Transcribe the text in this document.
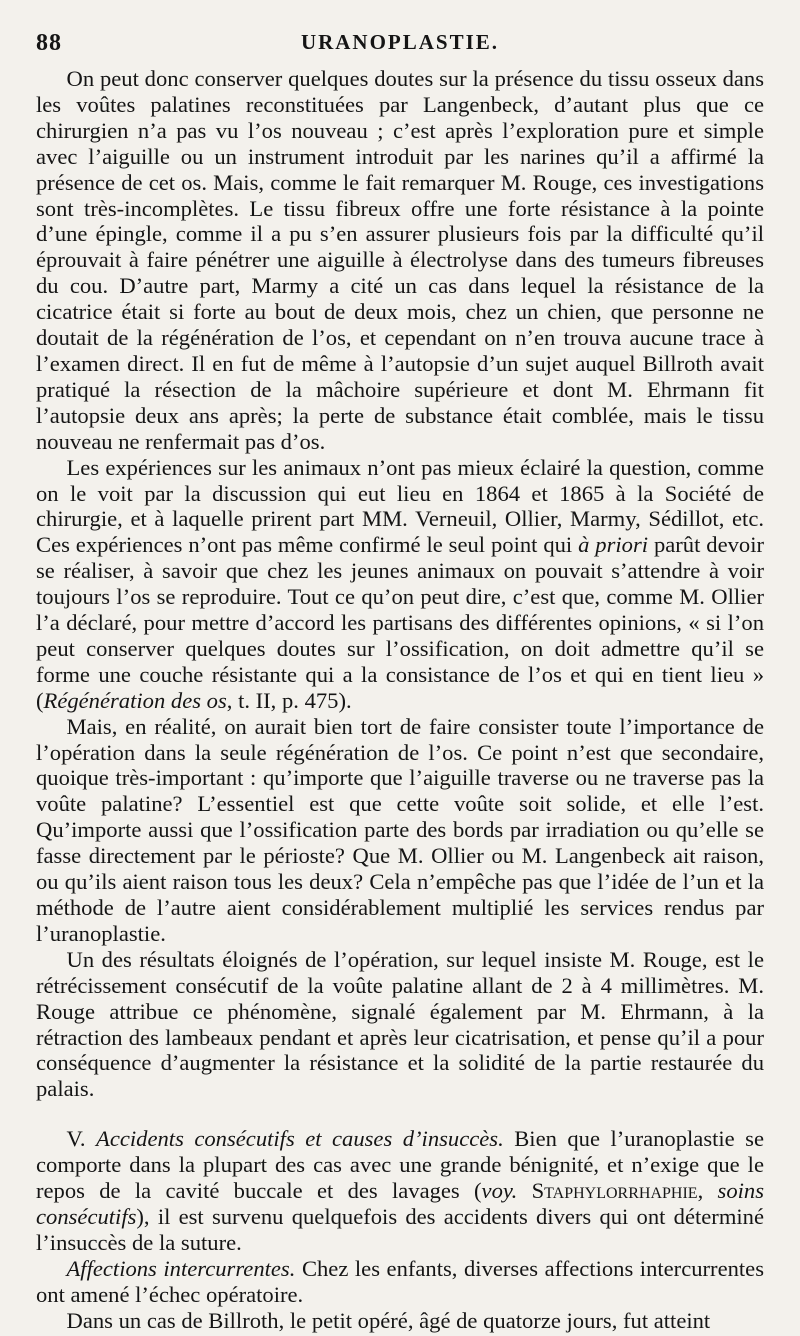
88	URANOPLASTIE.

On peut donc conserver quelques doutes sur la présence du tissu osseux dans les voûtes palatines reconstituées par Langenbeck, d’autant plus que ce chirurgien n’a pas vu l’os nouveau ; c’est après l’exploration pure et simple avec l’aiguille ou un instrument introduit par les narines qu’il a affirmé la présence de cet os. Mais, comme le fait remarquer M. Rouge, ces investigations sont très-incomplètes. Le tissu fibreux offre une forte résistance à la pointe d’une épingle, comme il a pu s’en assurer plusieurs fois par la difficulté qu’il éprouvait à faire pénétrer une aiguille à électrolyse dans des tumeurs fibreuses du cou. D’autre part, Marmy a cité un cas dans lequel la résistance de la cicatrice était si forte au bout de deux mois, chez un chien, que personne ne doutait de la régénération de l’os, et cependant on n’en trouva aucune trace à l’examen direct. Il en fut de même à l’autopsie d’un sujet auquel Billroth avait pratiqué la résection de la mâchoire supérieure et dont M. Ehrmann fit l’autopsie deux ans après; la perte de substance était comblée, mais le tissu nouveau ne renfermait pas d’os.

Les expériences sur les animaux n’ont pas mieux éclairé la question, comme on le voit par la discussion qui eut lieu en 1864 et 1865 à la Société de chirurgie, et à laquelle prirent part MM. Verneuil, Ollier, Marmy, Sédillot, etc. Ces expériences n’ont pas même confirmé le seul point qui à priori parût devoir se réaliser, à savoir que chez les jeunes animaux on pouvait s’attendre à voir toujours l’os se reproduire. Tout ce qu’on peut dire, c’est que, comme M. Ollier l’a déclaré, pour mettre d’accord les partisans des différentes opinions, « si l’on peut conserver quelques doutes sur l’ossification, on doit admettre qu’il se forme une couche résistante qui a la consistance de l’os et qui en tient lieu » (Régénération des os, t. II, p. 475).

Mais, en réalité, on aurait bien tort de faire consister toute l’importance de l’opération dans la seule régénération de l’os. Ce point n’est que secondaire, quoique très-important : qu’importe que l’aiguille traverse ou ne traverse pas la voûte palatine? L’essentiel est que cette voûte soit solide, et elle l’est. Qu’importe aussi que l’ossification parte des bords par irradiation ou qu’elle se fasse directement par le périoste? Que M. Ollier ou M. Langenbeck ait raison, ou qu’ils aient raison tous les deux? Cela n’empêche pas que l’idée de l’un et la méthode de l’autre aient considérablement multiplié les services rendus par l’uranoplastie.

Un des résultats éloignés de l’opération, sur lequel insiste M. Rouge, est le rétrécissement consécutif de la voûte palatine allant de 2 à 4 millimètres. M. Rouge attribue ce phénomène, signalé également par M. Ehrmann, à la rétraction des lambeaux pendant et après leur cicatrisation, et pense qu’il a pour conséquence d’augmenter la résistance et la solidité de la partie restaurée du palais.

V. Accidents consécutifs et causes d’insuccès. Bien que l’uranoplastie se comporte dans la plupart des cas avec une grande bénignité, et n’exige que le repos de la cavité buccale et des lavages (voy. Staphylorrhaphie, soins consécutifs), il est survenu quelquefois des accidents divers qui ont déterminé l’insuccès de la suture.

Affections intercurrentes. Chez les enfants, diverses affections intercurrentes ont amené l’échec opératoire.

Dans un cas de Billroth, le petit opéré, âgé de quatorze jours, fut atteint
